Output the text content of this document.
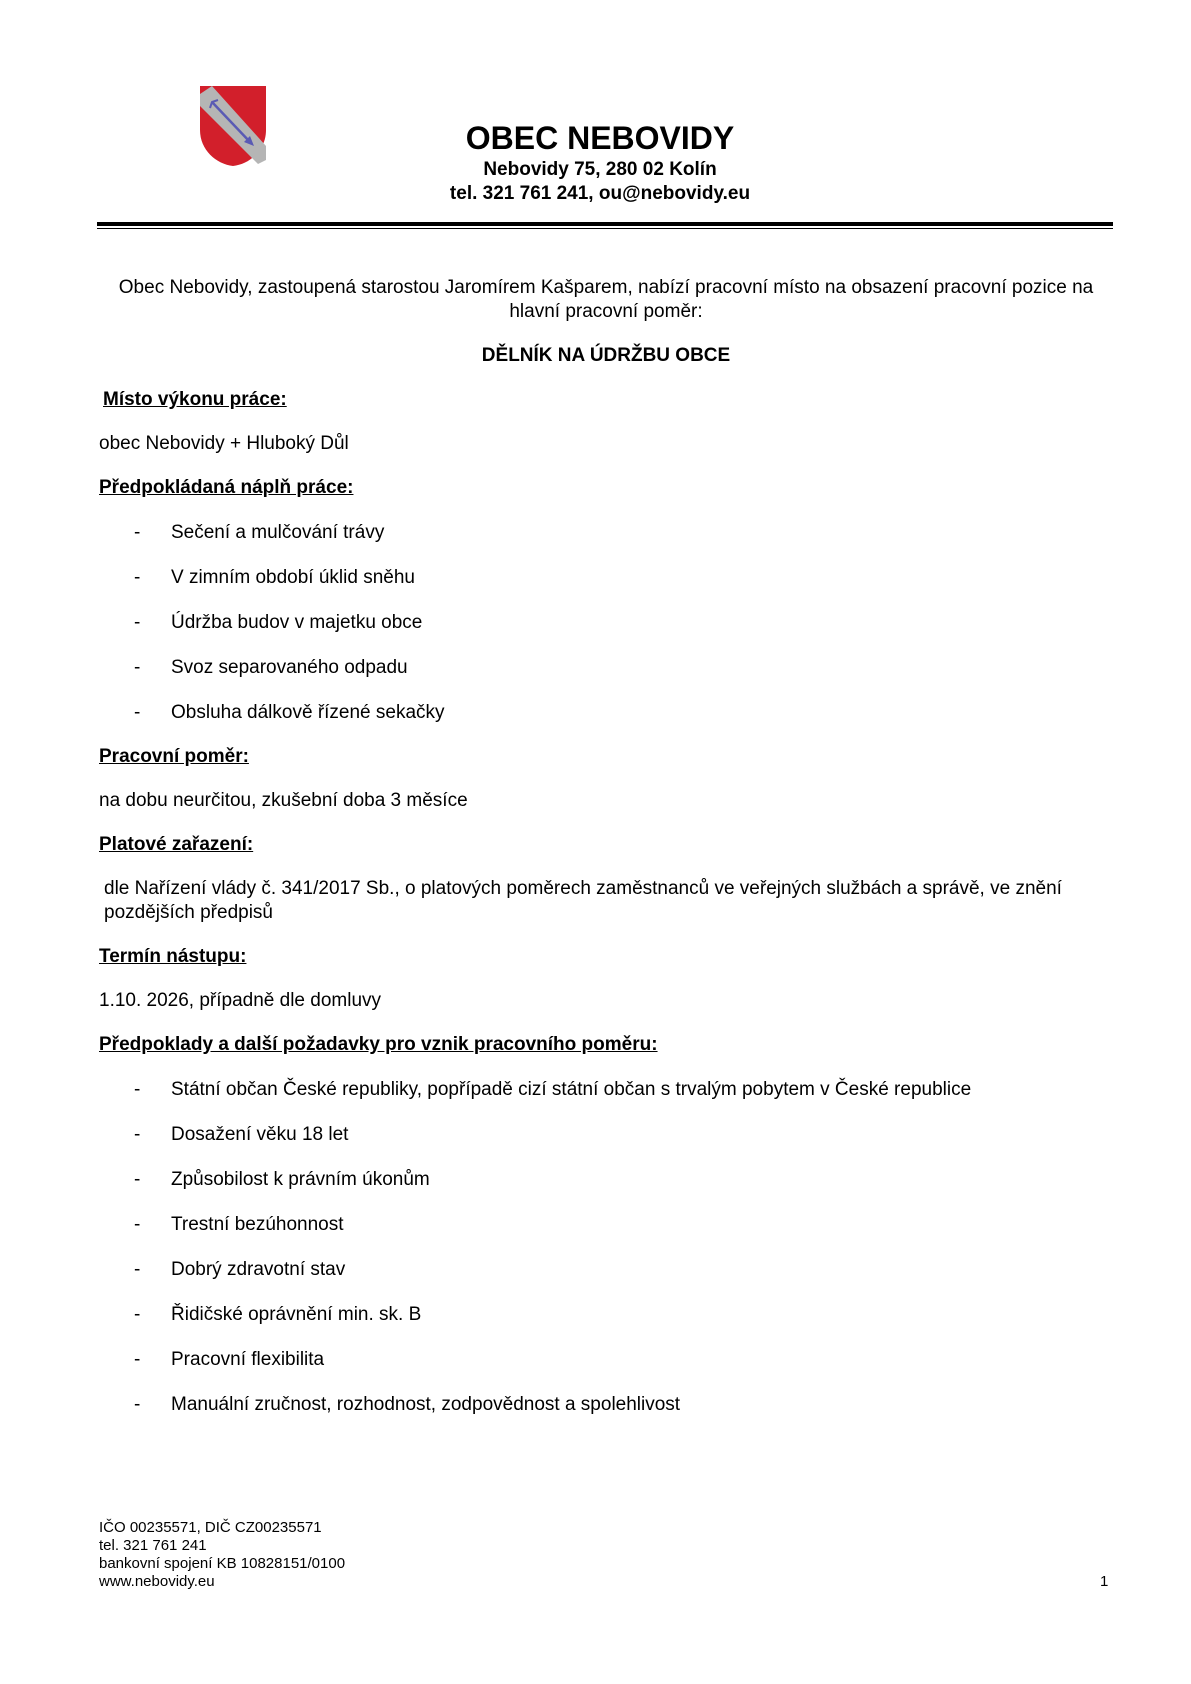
OBEC NEBOVIDY
Nebovidy 75, 280 02 Kolín
tel. 321 761 241, ou@nebovidy.eu

Obec Nebovidy, zastoupená starostou Jaromírem Kašparem, nabízí pracovní místo na obsazení pracovní pozice na hlavní pracovní poměr:

DĚLNÍK NA ÚDRŽBU OBCE

Místo výkonu práce:

obec Nebovidy + Hluboký Důl

Předpokládaná náplň práce:

- Sečení a mulčování trávy
- V zimním období úklid sněhu
- Údržba budov v majetku obce
- Svoz separovaného odpadu
- Obsluha dálkově řízené sekačky

Pracovní poměr:

na dobu neurčitou, zkušební doba 3 měsíce

Platové zařazení:

dle Nařízení vlády č. 341/2017 Sb., o platových poměrech zaměstnanců ve veřejných službách a správě, ve znění pozdějších předpisů

Termín nástupu:

1.10. 2026, případně dle domluvy

Předpoklady a další požadavky pro vznik pracovního poměru:

- Státní občan České republiky, popřípadě cizí státní občan s trvalým pobytem v České republice
- Dosažení věku 18 let
- Způsobilost k právním úkonům
- Trestní bezúhonnost
- Dobrý zdravotní stav
- Řidičské oprávnění min. sk. B
- Pracovní flexibilita
- Manuální zručnost, rozhodnost, zodpovědnost a spolehlivost
IČO 00235571, DIČ CZ00235571
tel. 321 761 241
bankovní spojení KB 10828151/0100
www.nebovidy.eu	1
